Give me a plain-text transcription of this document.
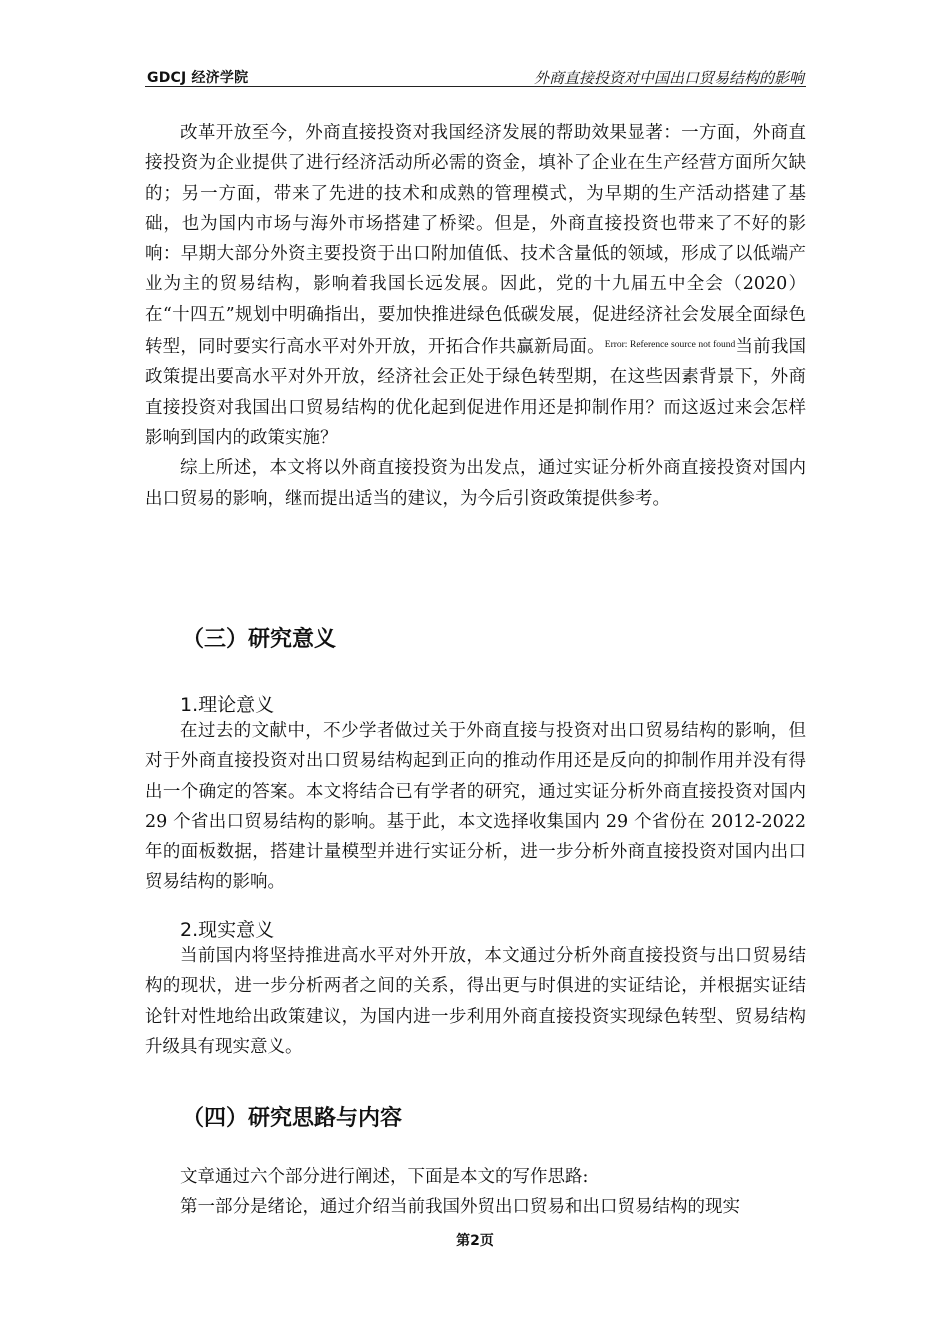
GDCJ 经济学院	外商直接投资对中国出口贸易结构的影响

改革开放至今，外商直接投资对我国经济发展的帮助效果显著：一方面，外商直接投资为企业提供了进行经济活动所必需的资金，填补了企业在生产经营方面所欠缺的；另一方面，带来了先进的技术和成熟的管理模式，为早期的生产活动搭建了基础，也为国内市场与海外市场搭建了桥梁。但是，外商直接投资也带来了不好的影响：早期大部分外资主要投资于出口附加值低、技术含量低的领域，形成了以低端产业为主的贸易结构，影响着我国长远发展。因此，党的十九届五中全会（2020）在“十四五”规划中明确指出，要加快推进绿色低碳发展，促进经济社会发展全面绿色转型，同时要实行高水平对外开放，开拓合作共赢新局面。$^{Error: Reference source not found}$当前我国政策提出要高水平对外开放，经济社会正处于绿色转型期，在这些因素背景下，外商直接投资对我国出口贸易结构的优化起到促进作用还是抑制作用？而这返过来会怎样影响到国内的政策实施？

综上所述，本文将以外商直接投资为出发点，通过实证分析外商直接投资对国内出口贸易的影响，继而提出适当的建议，为今后引资政策提供参考。

（三）研究意义
1.理论意义

在过去的文献中，不少学者做过关于外商直接与投资对出口贸易结构的影响，但对于外商直接投资对出口贸易结构起到正向的推动作用还是反向的抑制作用并没有得出一个确定的答案。本文将结合已有学者的研究，通过实证分析外商直接投资对国内 29 个省出口贸易结构的影响。基于此，本文选择收集国内 29 个省份在 2012-2022 年的面板数据，搭建计量模型并进行实证分析，进一步分析外商直接投资对国内出口贸易结构的影响。

2.现实意义

当前国内将坚持推进高水平对外开放，本文通过分析外商直接投资与出口贸易结构的现状，进一步分析两者之间的关系，得出更与时俱进的实证结论，并根据实证结论针对性地给出政策建议，为国内进一步利用外商直接投资实现绿色转型、贸易结构升级具有现实意义。

（四）研究思路与内容

文章通过六个部分进行阐述，下面是本文的写作思路:

第一部分是绪论，通过介绍当前我国外贸出口贸易和出口贸易结构的现实

第2页
